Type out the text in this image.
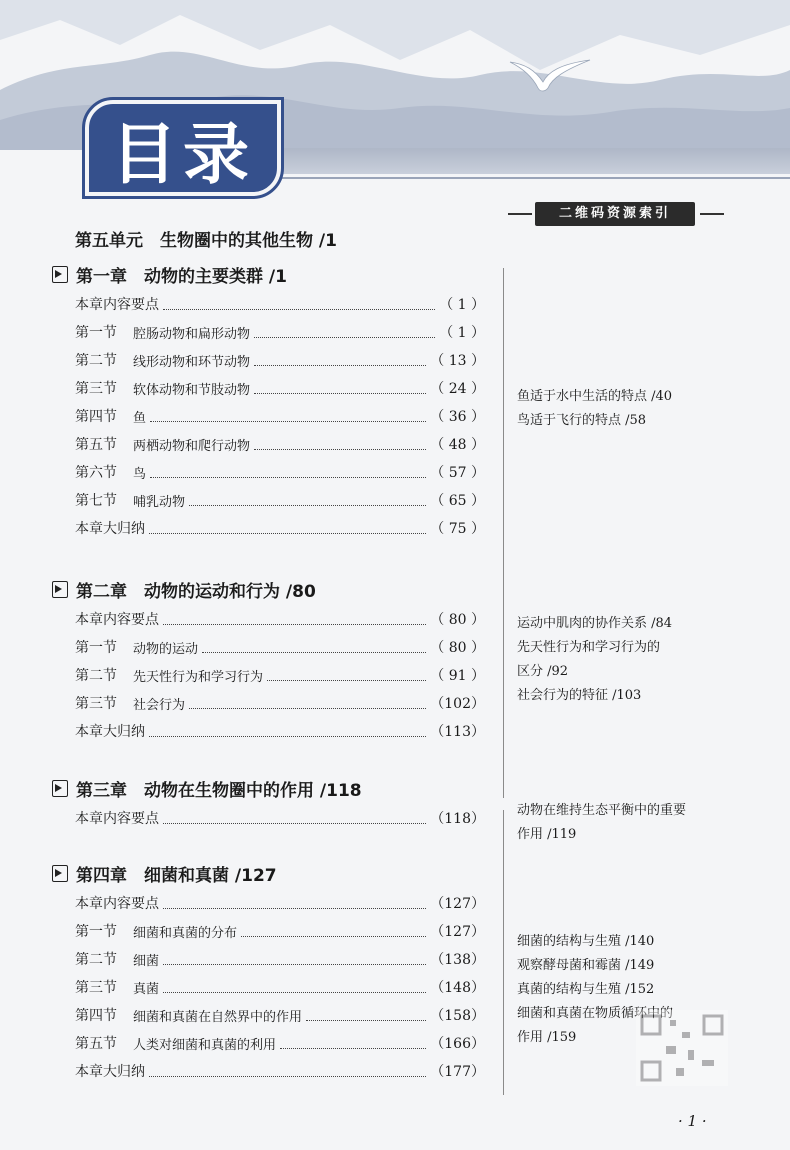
目录
二维码资源索引
第五单元　生物圈中的其他生物 /1
第一章　动物的主要类群 /1
本章内容要点	（ 1 ）
第一节 腔肠动物和扁形动物	（ 1 ）
第二节 线形动物和环节动物	（ 13 ）
第三节 软体动物和节肢动物	（ 24 ）
第四节 鱼	（ 36 ）
第五节 两栖动物和爬行动物	（ 48 ）
第六节 鸟	（ 57 ）
第七节 哺乳动物	（ 65 ）
本章大归纳	（ 75 ）
鱼适于水中生活的特点 /40
鸟适于飞行的特点 /58
第二章　动物的运动和行为 /80
本章内容要点	（ 80 ）
第一节 动物的运动	（ 80 ）
第二节 先天性行为和学习行为	（ 91 ）
第三节 社会行为	（102）
本章大归纳	（113）
运动中肌肉的协作关系 /84
先天性行为和学习行为的
区分 /92
社会行为的特征 /103
第三章　动物在生物圈中的作用 /118
本章内容要点	（118）
动物在维持生态平衡中的重要
作用 /119
第四章　细菌和真菌 /127
本章内容要点	（127）
第一节 细菌和真菌的分布	（127）
第二节 细菌	（138）
第三节 真菌	（148）
第四节 细菌和真菌在自然界中的作用	（158）
第五节 人类对细菌和真菌的利用	（166）
本章大归纳	（177）
细菌的结构与生殖 /140
观察酵母菌和霉菌 /149
真菌的结构与生殖 /152
细菌和真菌在物质循环中的
作用 /159
· 1 ·
